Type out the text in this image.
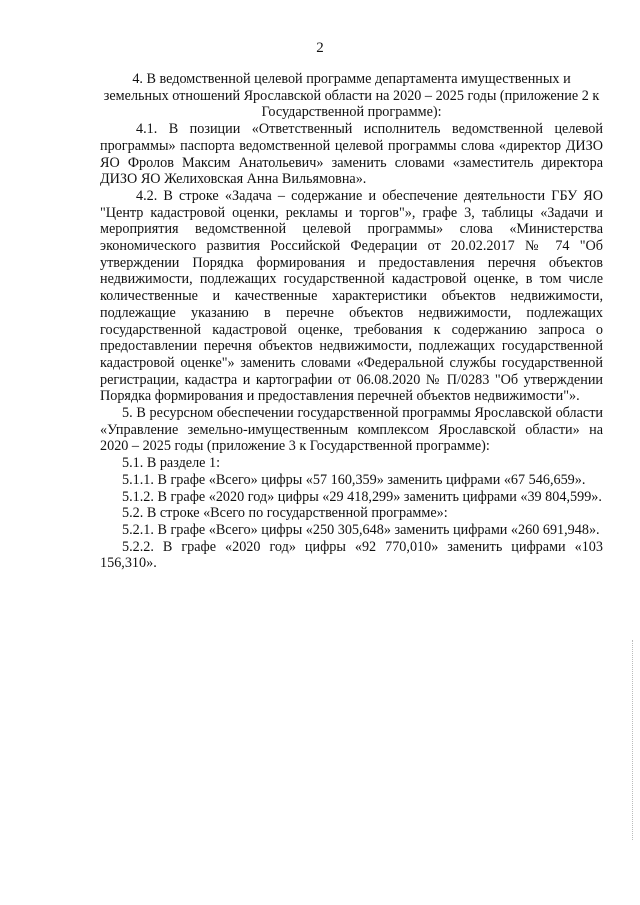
2

4. В ведомственной целевой программе департамента имущественных и земельных отношений Ярославской области на 2020 – 2025 годы (приложение 2 к Государственной программе):

4.1. В позиции «Ответственный исполнитель ведомственной целевой программы» паспорта ведомственной целевой программы слова «директор ДИЗО ЯО Фролов Максим Анатольевич» заменить словами «заместитель директора ДИЗО ЯО Желиховская Анна Вильямовна».

4.2. В строке «Задача – содержание и обеспечение деятельности ГБУ ЯО "Центр кадастровой оценки, рекламы и торгов"», графе 3, таблицы «Задачи и мероприятия ведомственной целевой программы» слова «Министерства экономического развития Российской Федерации от 20.02.2017 № 74 "Об утверждении Порядка формирования и предоставления перечня объектов недвижимости, подлежащих государственной кадастровой оценке, в том числе количественные и качественные характеристики объектов недвижимости, подлежащие указанию в перечне объектов недвижимости, подлежащих государственной кадастровой оценке, требования к содержанию запроса о предоставлении перечня объектов недвижимости, подлежащих государственной кадастровой оценке"» заменить словами «Федеральной службы государственной регистрации, кадастра и картографии от 06.08.2020 № П/0283 "Об утверждении Порядка формирования и предоставления перечней объектов недвижимости"».

5. В ресурсном обеспечении государственной программы Ярославской области «Управление земельно-имущественным комплексом Ярославской области» на 2020 – 2025 годы (приложение 3 к Государственной программе):

5.1. В разделе 1:

5.1.1. В графе «Всего» цифры «57 160,359» заменить цифрами «67 546,659».

5.1.2. В графе «2020 год» цифры «29 418,299» заменить цифрами «39 804,599».

5.2. В строке «Всего по государственной программе»:

5.2.1. В графе «Всего» цифры «250 305,648» заменить цифрами «260 691,948».

5.2.2. В графе «2020 год» цифры «92 770,010» заменить цифрами «103 156,310».
